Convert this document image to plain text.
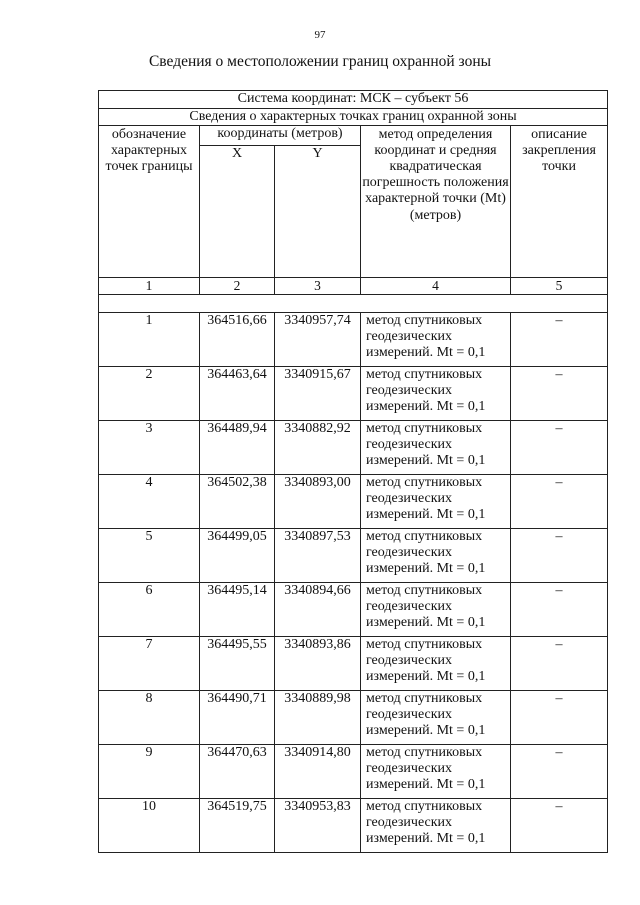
97
Сведения о местоположении границ охранной зоны
Система координат: МСК – субъект 56				
Сведения о характерных точках границ охранной зоны				
обозначение характерных точек границы	координаты (метров)		метод определения координат и средняя квадратическая погрешность положения характерной точки (Mt) (метров)	описание закрепления точки
	X	Y		
1	2	3	4	5

1	364516,66	3340957,74	метод спутниковых геодезических измерений. Mt = 0,1	–
2	364463,64	3340915,67	метод спутниковых геодезических измерений. Mt = 0,1	–
3	364489,94	3340882,92	метод спутниковых геодезических измерений. Mt = 0,1	–
4	364502,38	3340893,00	метод спутниковых геодезических измерений. Mt = 0,1	–
5	364499,05	3340897,53	метод спутниковых геодезических измерений. Mt = 0,1	–
6	364495,14	3340894,66	метод спутниковых геодезических измерений. Mt = 0,1	–
7	364495,55	3340893,86	метод спутниковых геодезических измерений. Mt = 0,1	–
8	364490,71	3340889,98	метод спутниковых геодезических измерений. Mt = 0,1	–
9	364470,63	3340914,80	метод спутниковых геодезических измерений. Mt = 0,1	–
10	364519,75	3340953,83	метод спутниковых геодезических измерений. Mt = 0,1	–
